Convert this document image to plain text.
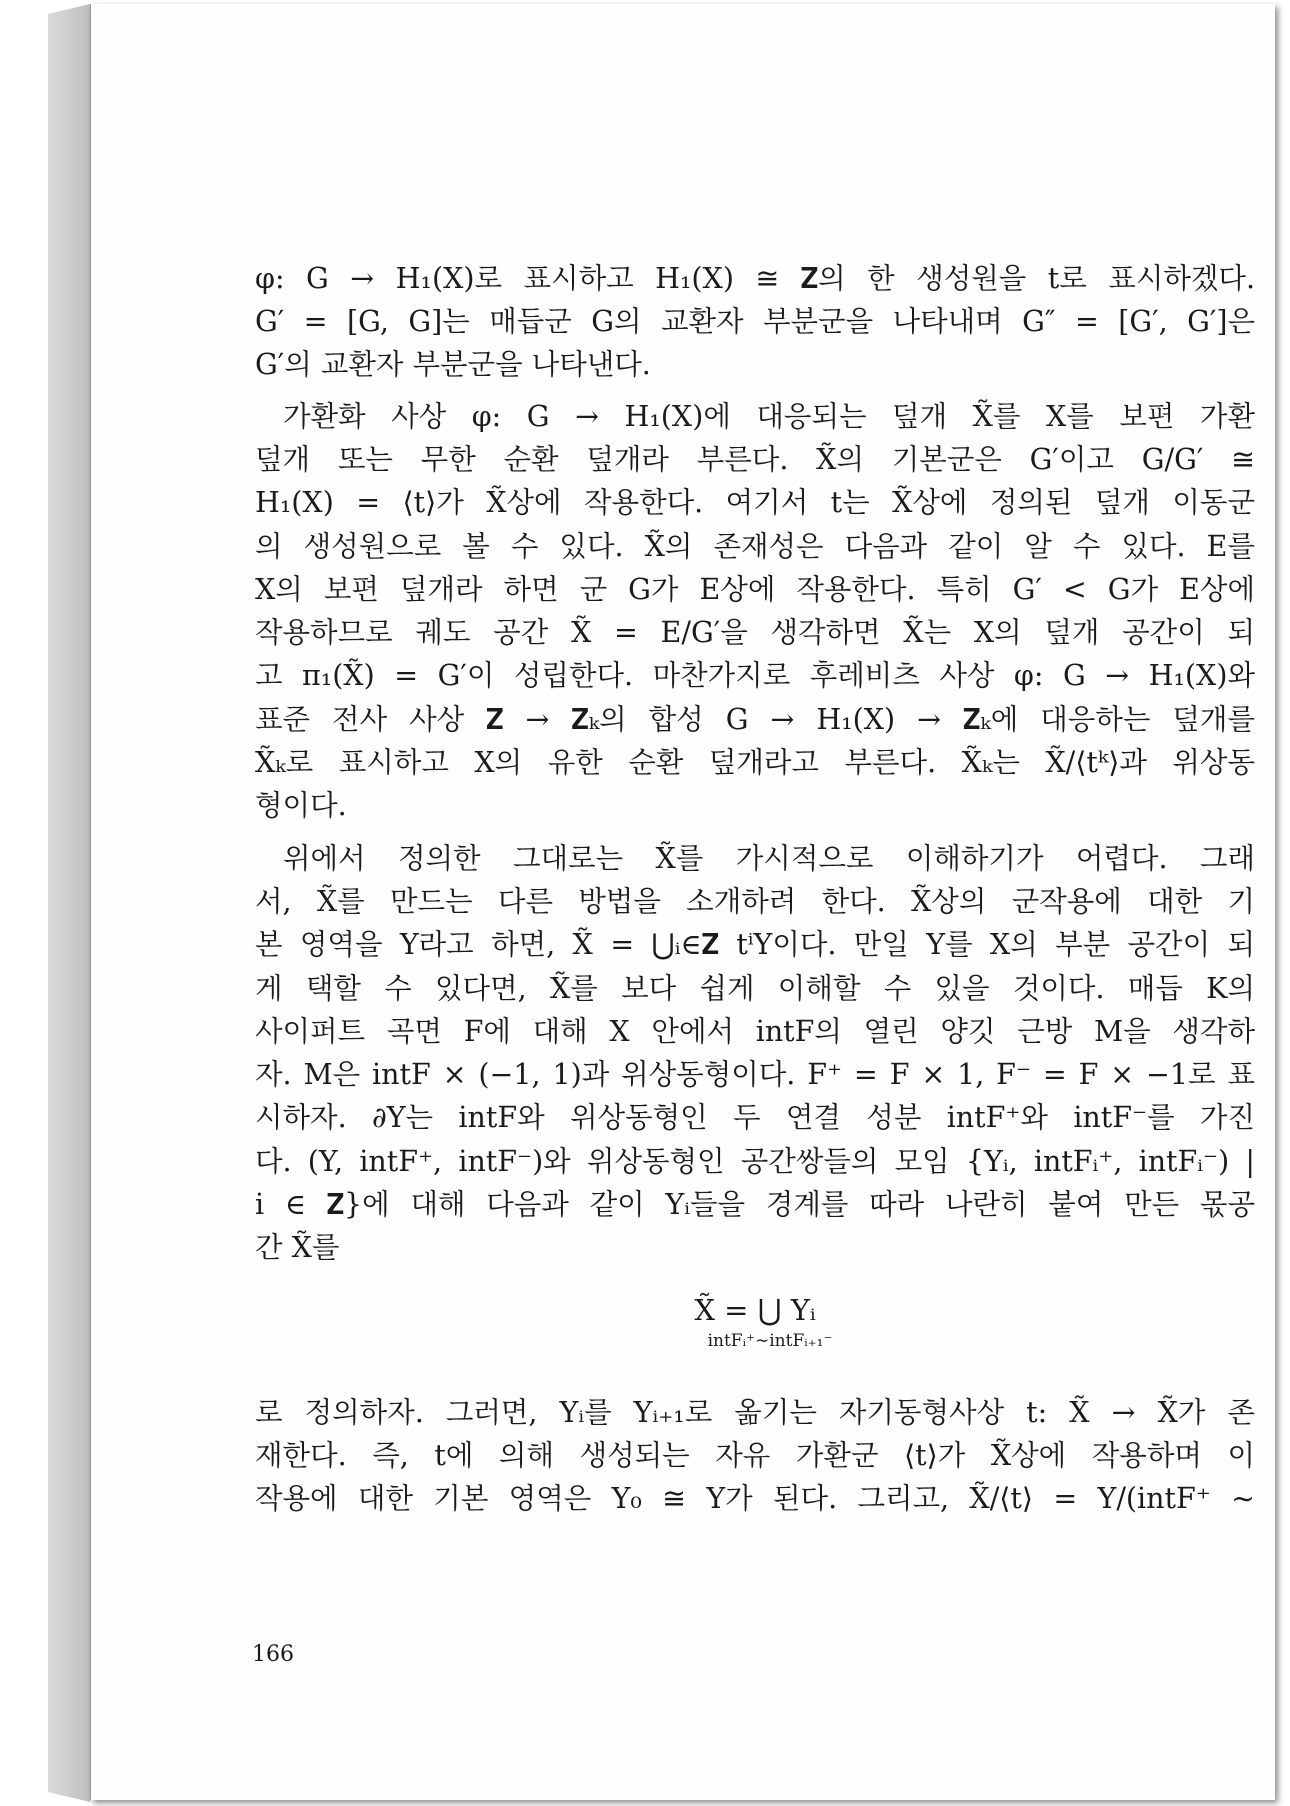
φ: G → H₁(X)로 표시하고 H₁(X) ≅ 𝐙의 한 생성원을 t로 표시하겠다.
G′ = [G, G]는 매듭군 G의 교환자 부분군을 나타내며 G″ = [G′, G′]은
G′의 교환자 부분군을 나타낸다.
가환화 사상 φ: G → H₁(X)에 대응되는 덮개 X̃를 X를 보편 가환
덮개 또는 무한 순환 덮개라 부른다. X̃의 기본군은 G′이고 G/G′ ≅
H₁(X) = ⟨t⟩가 X̃상에 작용한다. 여기서 t는 X̃상에 정의된 덮개 이동군
의 생성원으로 볼 수 있다. X̃의 존재성은 다음과 같이 알 수 있다. E를
X의 보편 덮개라 하면 군 G가 E상에 작용한다. 특히 G′ < G가 E상에
작용하므로 궤도 공간 X̃ = E/G′을 생각하면 X̃는 X의 덮개 공간이 되
고 π₁(X̃) = G′이 성립한다. 마찬가지로 후레비츠 사상 φ: G → H₁(X)와
표준 전사 사상 𝐙 → 𝐙ₖ의 합성 G → H₁(X) → 𝐙ₖ에 대응하는 덮개를
X̃ₖ로 표시하고 X의 유한 순환 덮개라고 부른다. X̃ₖ는 X̃/⟨tᵏ⟩과 위상동
형이다.
위에서 정의한 그대로는 X̃를 가시적으로 이해하기가 어렵다. 그래
서, X̃를 만드는 다른 방법을 소개하려 한다. X̃상의 군작용에 대한 기
본 영역을 Y라고 하면, X̃ = ⋃ᵢ∈𝐙 tⁱY이다. 만일 Y를 X의 부분 공간이 되
게 택할 수 있다면, X̃를 보다 쉽게 이해할 수 있을 것이다. 매듭 K의
사이퍼트 곡면 F에 대해 X 안에서 intF의 열린 양깃 근방 M을 생각하
자. M은 intF × (−1, 1)과 위상동형이다. F⁺ = F × 1, F⁻ = F × −1로 표
시하자. ∂Y는 intF와 위상동형인 두 연결 성분 intF⁺와 intF⁻를 가진
다. (Y, intF⁺, intF⁻)와 위상동형인 공간쌍들의 모임 {Yᵢ, intFᵢ⁺, intFᵢ⁻) |
i ∈ 𝐙}에 대해 다음과 같이 Yᵢ들을 경계를 따라 나란히 붙여 만든 몫공
간 X̃를
X̃ = ⋃ Yᵢ
intFᵢ⁺∼intFᵢ₊₁⁻
로 정의하자. 그러면, Yᵢ를 Yᵢ₊₁로 옮기는 자기동형사상 t: X̃ → X̃가 존
재한다. 즉, t에 의해 생성되는 자유 가환군 ⟨t⟩가 X̃상에 작용하며 이
작용에 대한 기본 영역은 Y₀ ≅ Y가 된다. 그리고, X̃/⟨t⟩ = Y/(intF⁺ ∼
166
